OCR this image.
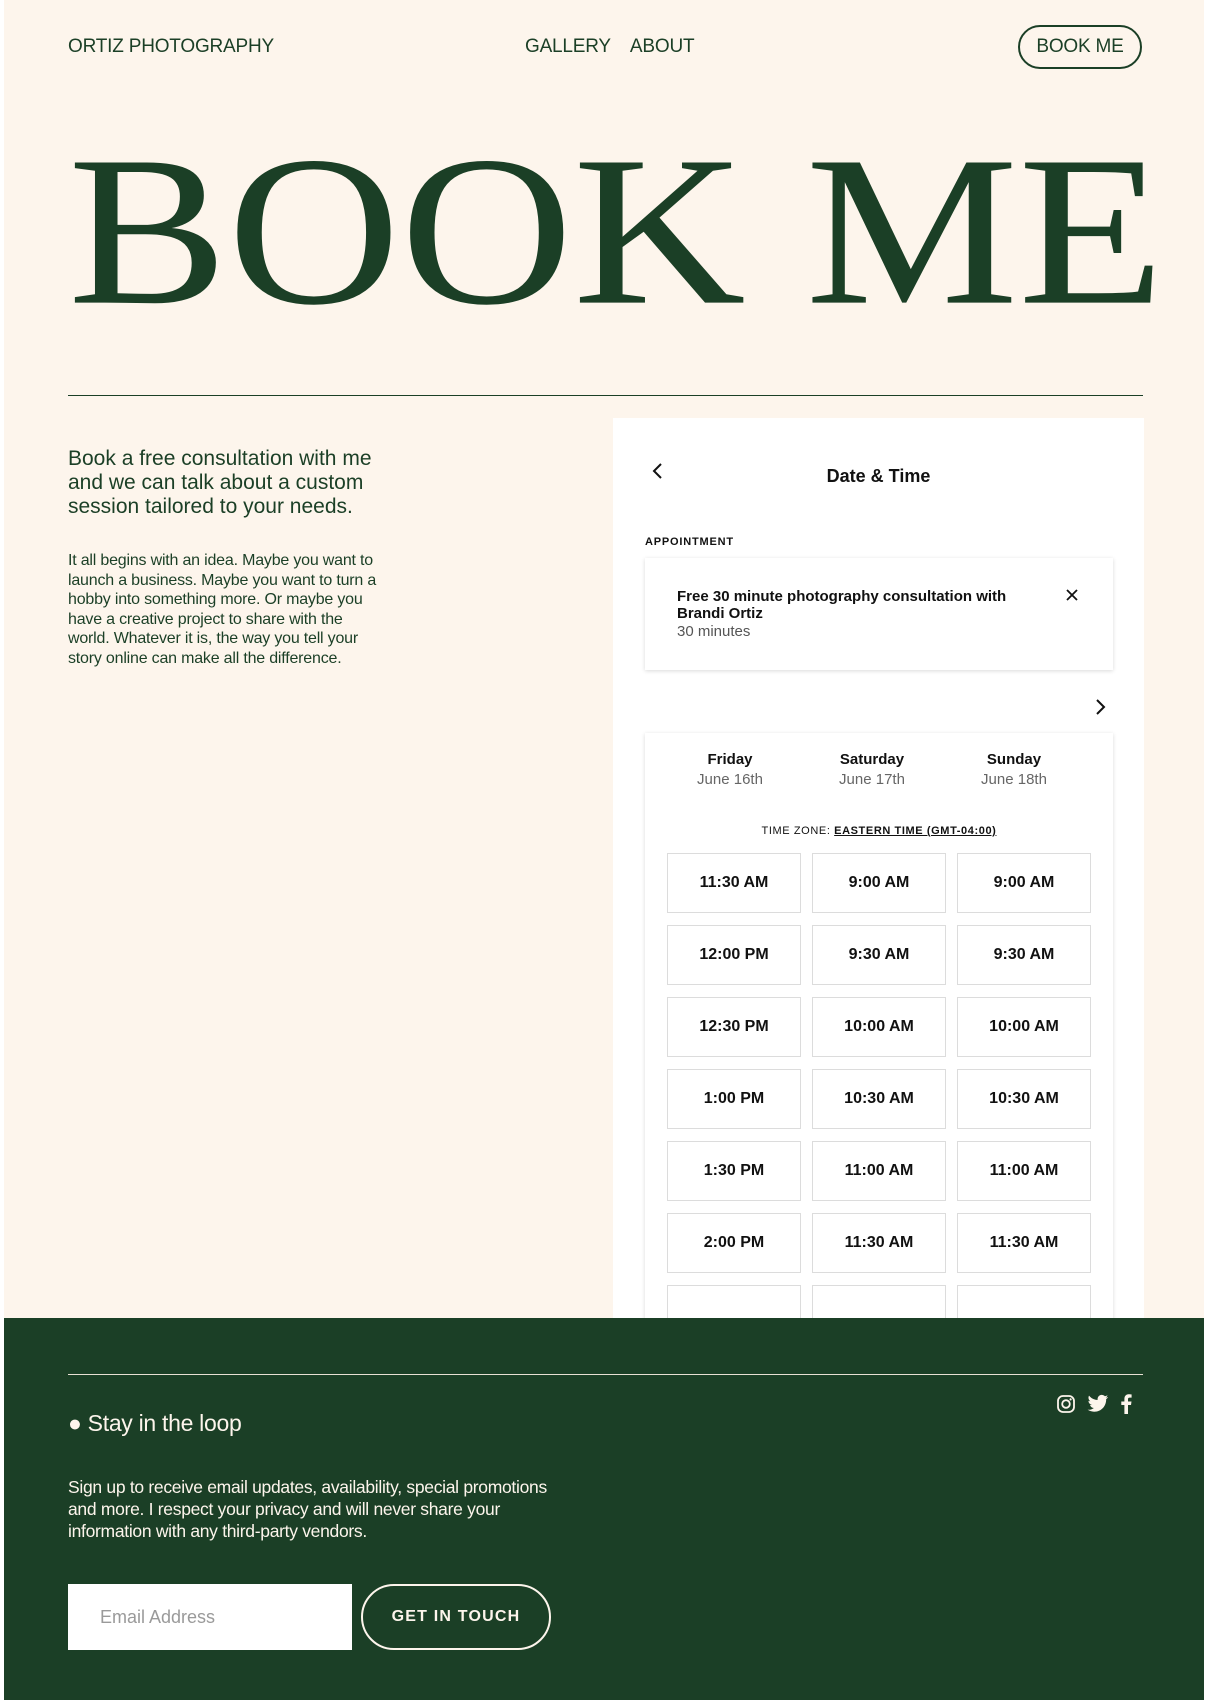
ORTIZ PHOTOGRAPHY	GALLERY ABOUT	BOOK ME
BOOK ME
Book a free consultation with me and we can talk about a custom session tailored to your needs.
It all begins with an idea. Maybe you want to launch a business. Maybe you want to turn a hobby into something more. Or maybe you have a creative project to share with the world. Whatever it is, the way you tell your story online can make all the difference.
Date & Time
APPOINTMENT
Free 30 minute photography consultation with Brandi Ortiz
30 minutes
TIME ZONE: EASTERN TIME (GMT-04:00)
Friday
June 16th
11:30 AM
12:00 PM
12:30 PM
1:00 PM
1:30 PM
2:00 PM
Saturday
June 17th
9:00 AM
9:30 AM
10:00 AM
10:30 AM
11:00 AM
11:30 AM
Sunday
June 18th
9:00 AM
9:30 AM
10:00 AM
10:30 AM
11:00 AM
11:30 AM
● Stay in the loop
Sign up to receive email updates, availability, special promotions and more. I respect your privacy and will never share your information with any third-party vendors.
Email Address
GET IN TOUCH
